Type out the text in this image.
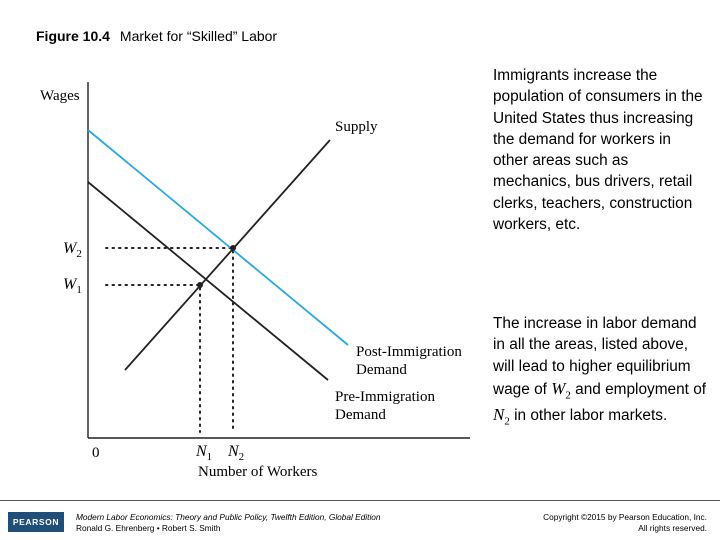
Figure 10.4 Market for “Skilled” Labor
Wages
Number of Workers
0
Supply
Post-Immigration
Demand
Pre-Immigration
Demand
$W_2$
$W_1$
$N_1$ $N_2$

Immigrants increase the population of consumers in the United States thus increasing the demand for workers in other areas such as mechanics, bus drivers, retail clerks, teachers, construction workers, etc.

The increase in labor demand in all the areas, listed above, will lead to higher equilibrium wage of $W_2$ and employment of $N_2$ in other labor markets.

PEARSON	Modern Labor Economics: Theory and Public Policy, Twelfth Edition, Global Edition
Ronald G. Ehrenberg • Robert S. Smith
Copyright ©2015 by Pearson Education, Inc.
All rights reserved.
